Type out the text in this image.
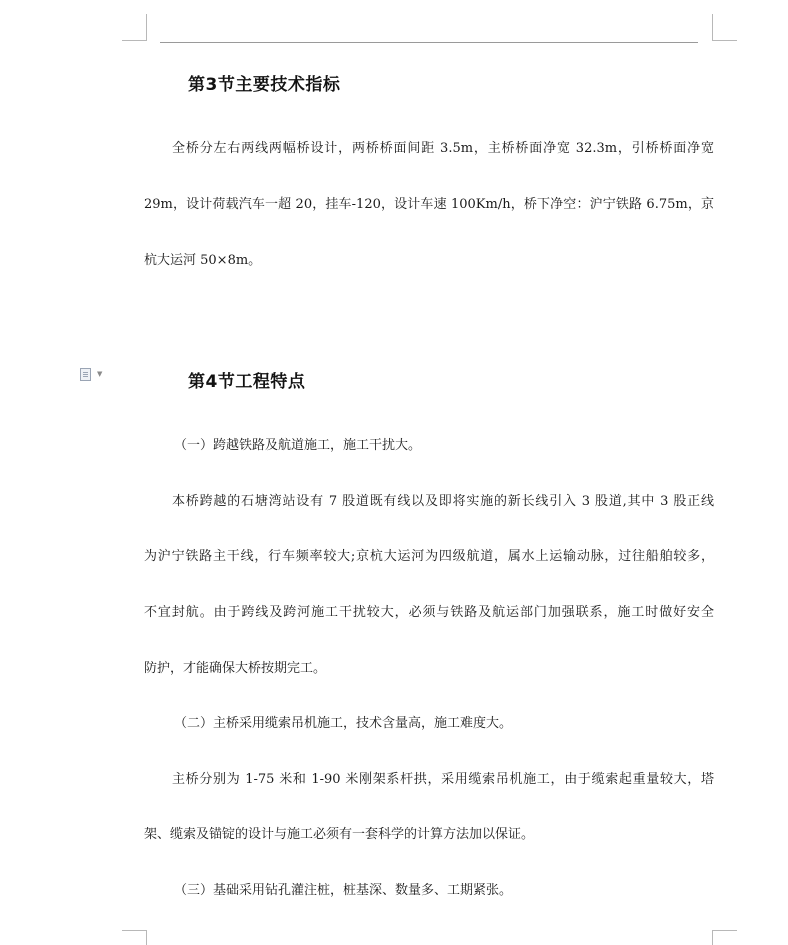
▼
第3节主要技术指标
全桥分左右两线两幅桥设计，两桥桥面间距 3.5m，主桥桥面净宽 32.3m，引桥桥面净宽
29m，设计荷载汽车一超 20，挂车-120，设计车速 100Km/h，桥下净空：沪宁铁路 6.75m，京
杭大运河 50×8m。
第4节工程特点
（一）跨越铁路及航道施工，施工干扰大。
本桥跨越的石塘湾站设有 7 股道既有线以及即将实施的新长线引入 3 股道,其中 3 股正线
为沪宁铁路主干线，行车频率较大;京杭大运河为四级航道，属水上运输动脉，过往船舶较多，
不宜封航。由于跨线及跨河施工干扰较大，必须与铁路及航运部门加强联系，施工时做好安全
防护，才能确保大桥按期完工。
（二）主桥采用缆索吊机施工，技术含量高，施工难度大。
主桥分别为 1-75 米和 1-90 米刚架系杆拱，采用缆索吊机施工，由于缆索起重量较大，塔
架、缆索及锚锭的设计与施工必须有一套科学的计算方法加以保证。
（三）基础采用钻孔灌注桩，桩基深、数量多、工期紧张。
